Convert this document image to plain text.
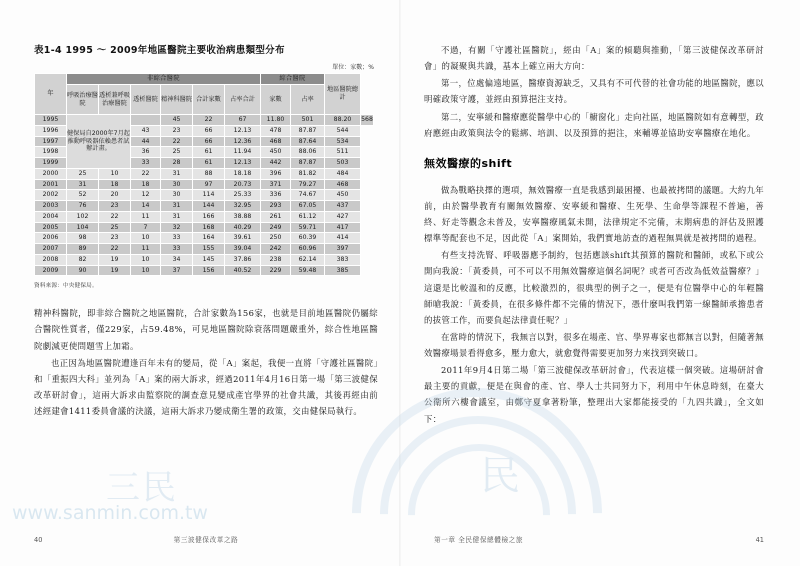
表1-4 1995 ～ 2009年地區醫院主要收治病患類型分布
單位：家數；%
年	非綜合醫院						綜合醫院		地區醫院總計	
	呼吸治療醫院	透析兼呼吸治療醫院	透析醫院	精神科醫院	合計家數	占率合計	家數	占率		
1995	健保局自2000年7月起推動呼吸器依賴患者試辦計畫。			45	22	67	11.80	501	88.20	568
1996			43	23	66	12.13	478	87.87	544	
1997			44	22	66	12.36	468	87.64	534	
1998			36	25	61	11.94	450	88.06	511	
1999			33	28	61	12.13	442	87.87	503	
2000	25	10	22	31	88	18.18	396	81.82	484	
2001	31	18	18	30	97	20.73	371	79.27	468	
2002	52	20	12	30	114	25.33	336	74.67	450	
2003	76	23	14	31	144	32.95	293	67.05	437	
2004	102	22	11	31	166	38.88	261	61.12	427	
2005	104	25	7	32	168	40.29	249	59.71	417	
2006	98	23	10	33	164	39.61	250	60.39	414	
2007	89	22	11	33	155	39.04	242	60.96	397	
2008	82	19	10	34	145	37.86	238	62.14	383	
2009	90	19	10	37	156	40.52	229	59.48	385	
資料來源：中央健保局。

精神科醫院，即非綜合醫院之地區醫院，合計家數為156家，也就是目前地區醫院仍屬綜合醫院性質者，僅229家，占59.48%，可見地區醫院除衰落問題嚴重外，綜合性地區醫院劇減更使問題雪上加霜。

也正因為地區醫院遭逢百年未有的變局，從「A」案起，我便一直將「守護社區醫院」和「重振四大科」並列為「A」案的兩大訴求，經過2011年4月16日第一場「第三波健保改革研討會」，這兩大訴求由監察院的調查意見變成產官學界的社會共識，其後再經由前述經建會1411委員會議的決議，這兩大訴求乃變成衛生署的政策，交由健保局執行。

40	第三波健保改革之路

不過，有關「守護社區醫院」，經由「A」案的傾聽與推動，「第三波健保改革研討會」的凝聚與共識，基本上確立兩大方向：

第一，位處偏遠地區，醫療資源缺乏，又具有不可代替的社會功能的地區醫院，應以明確政策守護，並經由預算挹注支持。

第二，安寧緩和醫療應從醫學中心的「櫥窗化」走向社區，地區醫院如有意轉型，政府應經由政策與法令的鬆綁、培訓、以及預算的挹注，來輔導並協助安寧醫療在地化。

無效醫療的shift

做為戰略抉擇的選項，無效醫療一直是我感到最困擾、也最被拷問的議題。大約九年前，由於醫學教育有關無效醫療、安寧緩和醫療、生死學、生命學等課程不普遍，善終、好走等觀念未普及，安寧醫療風氣未開，法律規定不完備，末期病患的評估及照護標準等配套也不足，因此從「A」案開始，我們實地訪查的過程無異就是被拷問的過程。

有些支持洗腎、呼吸器應予制約，包括應該shift其預算的醫院和醫師，或私下或公開向我說：「黃委員，可不可以不用無效醫療這個名詞呢？或者可否改為低效益醫療？」這還是比較溫和的反應，比較激烈的，很典型的例子之一，便是有位醫學中心的年輕醫師嗆我說：「黃委員，在很多條件都不完備的情況下，憑什麼叫我們第一線醫師承擔患者的拔管工作，而要負起法律責任呢？」

在當時的情況下，我無言以對，很多在場產、官、學界專家也都無言以對，但隨著無效醫療場景看得愈多，壓力愈大，就愈覺得需要更加努力來找到突破口。

2011年9月4日第二場「第三波健保改革研討會」，代表這樣一個突破。這場研討會最主要的貢獻，便是在與會的產、官、學人士共同努力下，利用中午休息時刻，在臺大公衛所六樓會議室，由鄭守夏拿著粉筆，整理出大家都能接受的「九四共識」，全文如下：

第一章 全民健保總體檢之旅	41
三民
www.sanmin.com.tw
民
